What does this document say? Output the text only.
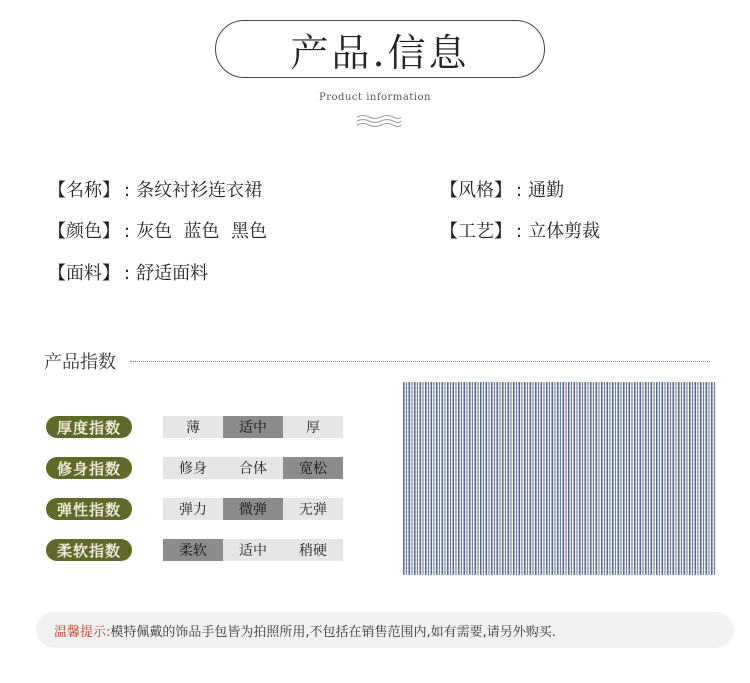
产品.信息
Product information
【名称】 : 条纹衬衫连衣裙
【颜色】 : 灰色  蓝色  黑色
【面料】 : 舒适面料
【风格】 : 通勤
【工艺】 : 立体剪裁
产品指数
厚度指数	薄	适中	厚
修身指数	修身	合体	宽松
弹性指数	弹力	微弹	无弹
柔软指数	柔软	适中	稍硬
温馨提示: 模特佩戴的饰品手包皆为拍照所用,不包括在销售范围内,如有需要,请另外购买.
